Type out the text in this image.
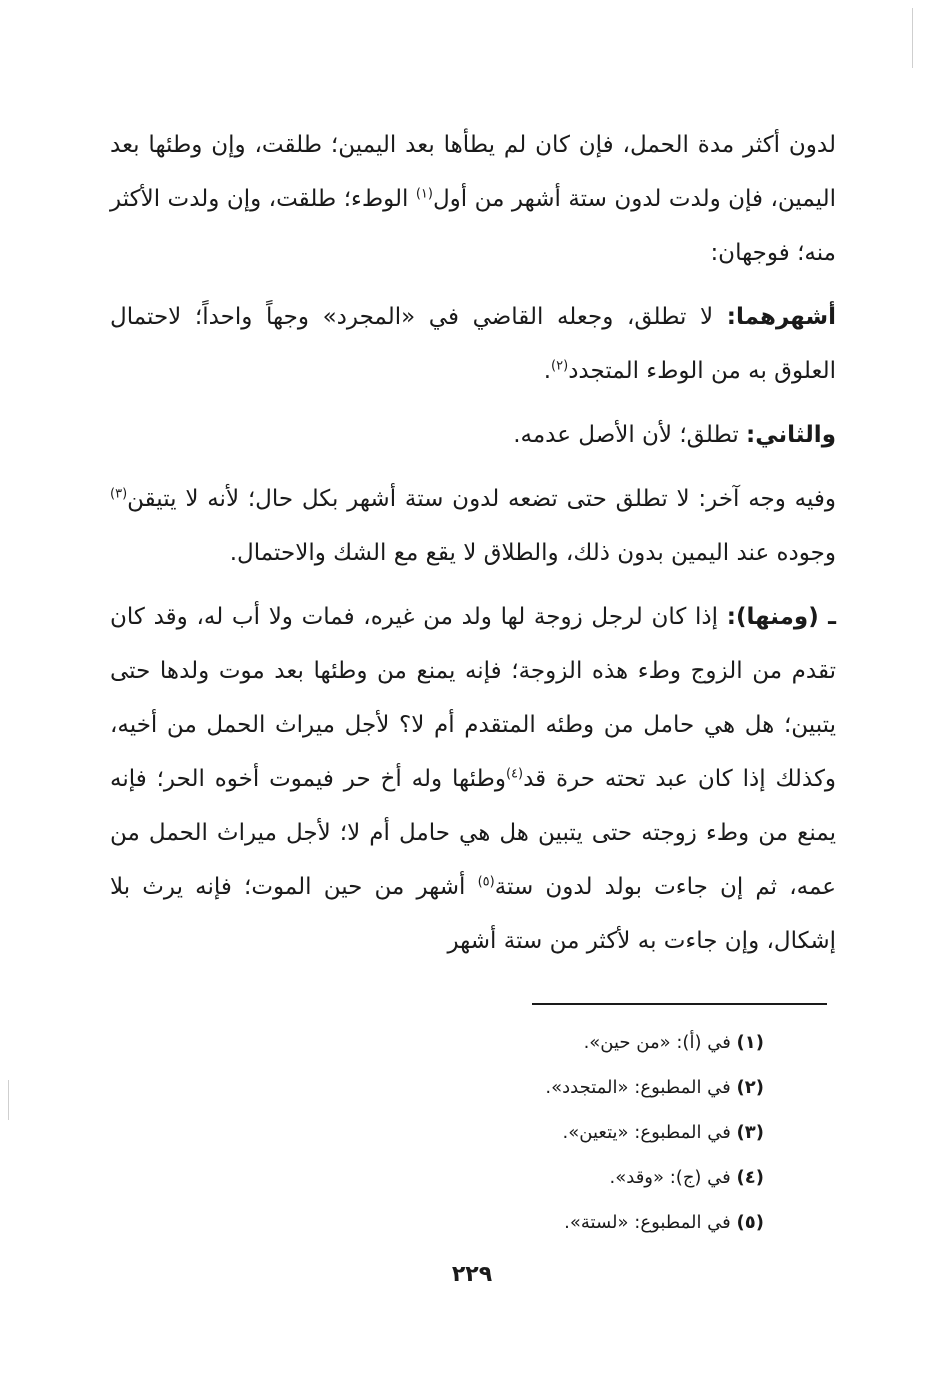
لدون أكثر مدة الحمل، فإن كان لم يطأها بعد اليمين؛ طلقت، وإن وطئها بعد اليمين، فإن ولدت لدون ستة أشهر من أول$^{(١)}$ الوطء؛ طلقت، وإن ولدت الأكثر منه؛ فوجهان:

أشهرهما: لا تطلق، وجعله القاضي في «المجرد» وجهاً واحداً؛ لاحتمال العلوق به من الوطء المتجدد$^{(٢)}$.

والثاني: تطلق؛ لأن الأصل عدمه.

وفيه وجه آخر: لا تطلق حتى تضعه لدون ستة أشهر بكل حال؛ لأنه لا يتيقن$^{(٣)}$ وجوده عند اليمين بدون ذلك، والطلاق لا يقع مع الشك والاحتمال.

ـ (ومنها): إذا كان لرجل زوجة لها ولد من غيره، فمات ولا أب له، وقد كان تقدم من الزوج وطء هذه الزوجة؛ فإنه يمنع من وطئها بعد موت ولدها حتى يتبين؛ هل هي حامل من وطئه المتقدم أم لا؟ لأجل ميراث الحمل من أخيه، وكذلك إذا كان عبد تحته حرة قد$^{(٤)}$وطئها وله أخ حر فيموت أخوه الحر؛ فإنه يمنع من وطء زوجته حتى يتبين هل هي حامل أم لا؛ لأجل ميراث الحمل من عمه، ثم إن جاءت بولد لدون ستة$^{(٥)}$ أشهر من حين الموت؛ فإنه يرث بلا إشكال، وإن جاءت به لأكثر من ستة أشهر

(١) في (أ): «من حين».
(٢) في المطبوع: «المتجدد».
(٣) في المطبوع: «يتعين».
(٤) في (ج): «وقد».
(٥) في المطبوع: «لستة».
٢٢٩
